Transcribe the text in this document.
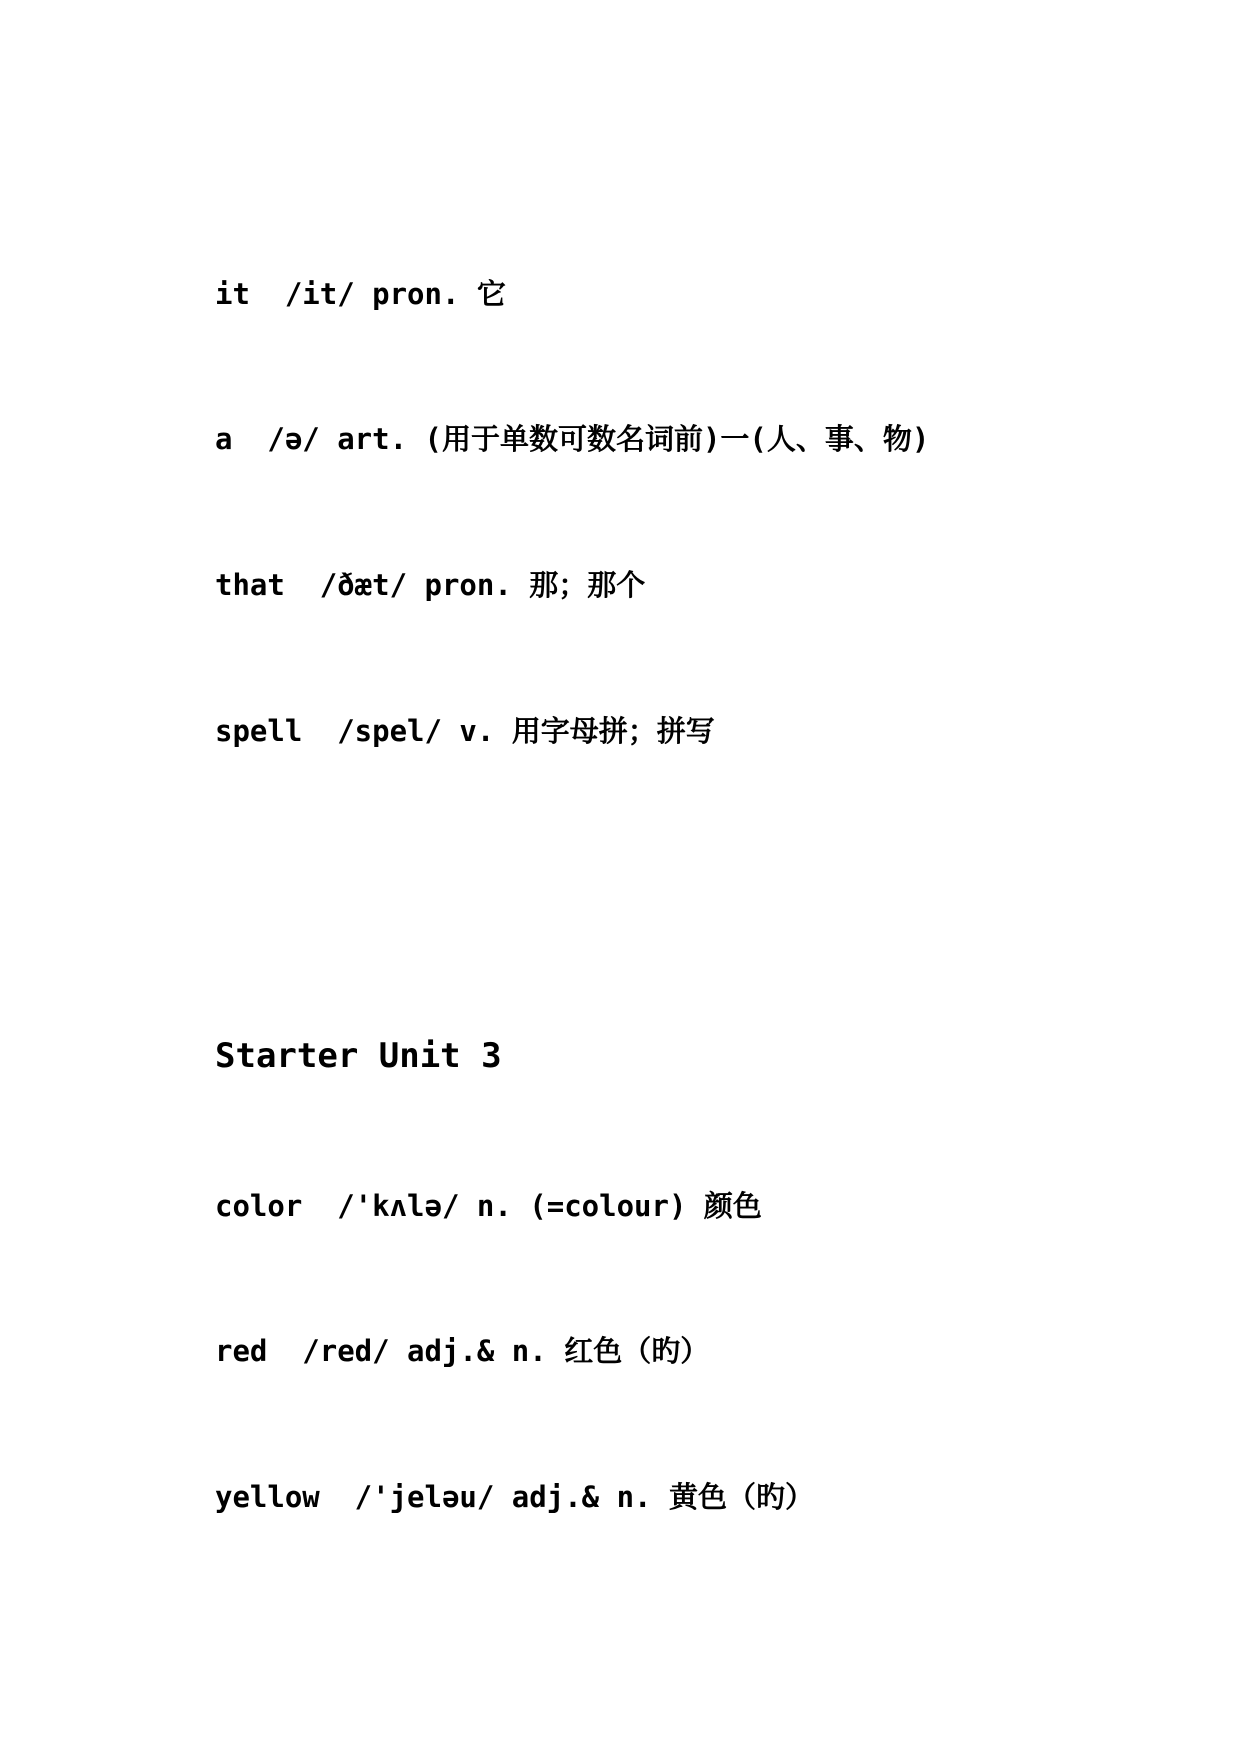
it  /it/ pron. 它
a  /ə/ art. (用于单数可数名词前)一(人、事、物)
that  /ðæt/ pron. 那；那个
spell  /spel/ v. 用字母拼；拼写
Starter Unit 3
color  /'kʌlə/ n. (=colour) 颜色
red  /red/ adj.& n. 红色（旳）
yellow  /'jeləu/ adj.& n. 黄色（旳）
